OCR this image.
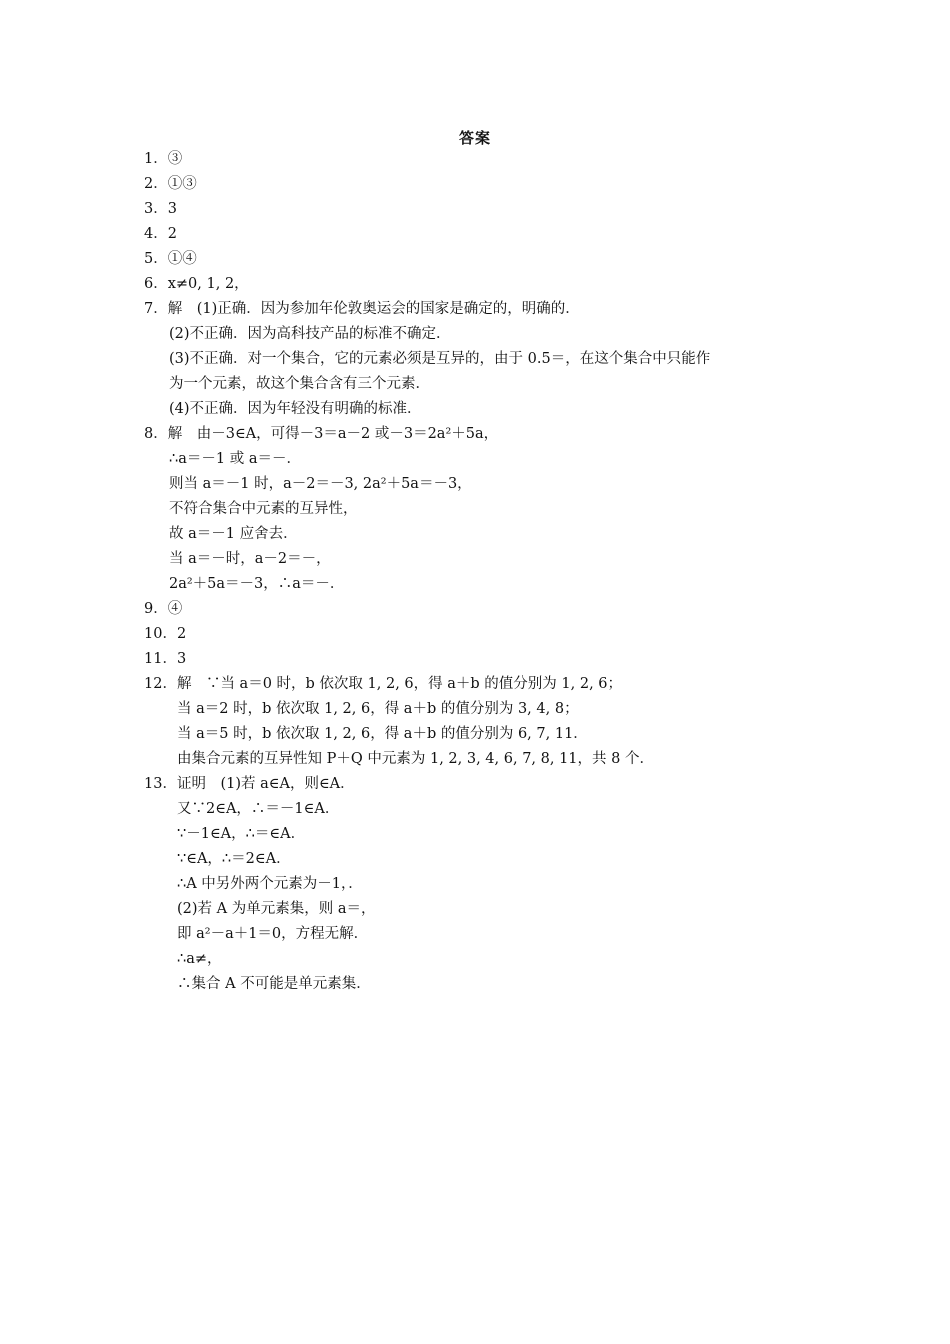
答案
1．③
2．①③
3．3
4．2
5．①④
6．x≠0, 1, 2，
7．解　(1)正确．因为参加年伦敦奥运会的国家是确定的，明确的．
(2)不正确．因为高科技产品的标准不确定．
(3)不正确．对一个集合，它的元素必须是互异的，由于 0.5＝，在这个集合中只能作
为一个元素，故这个集合含有三个元素．
(4)不正确．因为年轻没有明确的标准．
8．解　由－3∈A，可得－3＝a－2 或－3＝2a²＋5a，
∴a＝－1 或 a＝－．
则当 a＝－1 时，a－2＝－3, 2a²＋5a＝－3，
不符合集合中元素的互异性，
故 a＝－1 应舍去．
当 a＝－时，a－2＝－，
2a²＋5a＝－3，∴a＝－．
9．④
10．2
11．3
12．解　∵当 a＝0 时，b 依次取 1, 2, 6，得 a＋b 的值分别为 1, 2, 6；
当 a＝2 时，b 依次取 1, 2, 6，得 a＋b 的值分别为 3, 4, 8；
当 a＝5 时，b 依次取 1, 2, 6，得 a＋b 的值分别为 6, 7, 11．
由集合元素的互异性知 P＋Q 中元素为 1, 2, 3, 4, 6, 7, 8, 11，共 8 个．
13．证明　(1)若 a∈A，则∈A．
又∵2∈A，∴＝－1∈A．
∵－1∈A，∴＝∈A．
∵∈A，∴＝2∈A．
∴A 中另外两个元素为－1，．
(2)若 A 为单元素集，则 a＝，
即 a²－a＋1＝0，方程无解．
∴a≠，
∴集合 A 不可能是单元素集．
